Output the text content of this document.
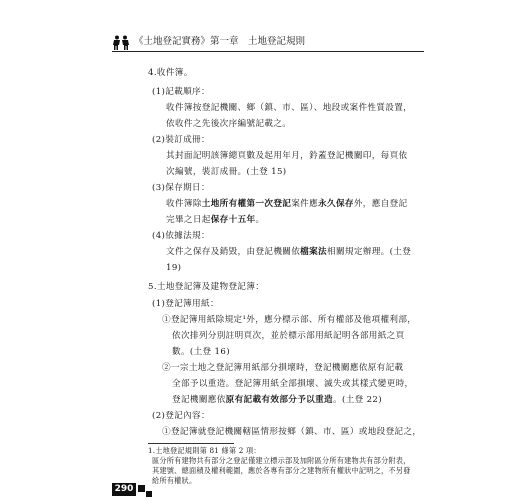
《土地登記實務》第一章　土地登記規則
4.收件簿。
(1)記載順序：
收件簿按登記機關、鄉（鎮、市、區）、地段或案件性質設置，
依收件之先後次序編號記載之。
(2)裝訂成冊：
其封面記明該簿總頁數及起用年月，鈐蓋登記機關印，每頁依
次編號，裝訂成冊。(土登 15)
(3)保存期日：
收件簿除土地所有權第一次登記案件應永久保存外，應自登記
完畢之日起保存十五年。
(4)依據法規：
文件之保存及銷毀，由登記機關依檔案法相關規定辦理。(土登
19)
5.土地登記簿及建物登記簿：
(1)登記簿用紙：
①登記簿用紙除規定¹外，應分標示部、所有權部及他項權利部，
依次排列分別註明頁次，並於標示部用紙記明各部用紙之頁
數。(土登 16)
②一宗土地之登記簿用紙部分損壞時，登記機關應依原有記載
全部予以重造。登記簿用紙全部損壞、滅失或其樣式變更時，
登記機關應依原有記載有效部分予以重造。(土登 22)
(2)登記內容：
①登記簿就登記機關轄區情形按鄉（鎮、市、區）或地段登記之，
1.土地登記規則第 81 條第 2 項：
區分所有建物共有部分之登記僅建立標示部及加附區分所有建物共有部分附表，
其建號、總面積及權利範圍，應於各專有部分之建物所有權狀中記明之，不另發
給所有權狀。
290
